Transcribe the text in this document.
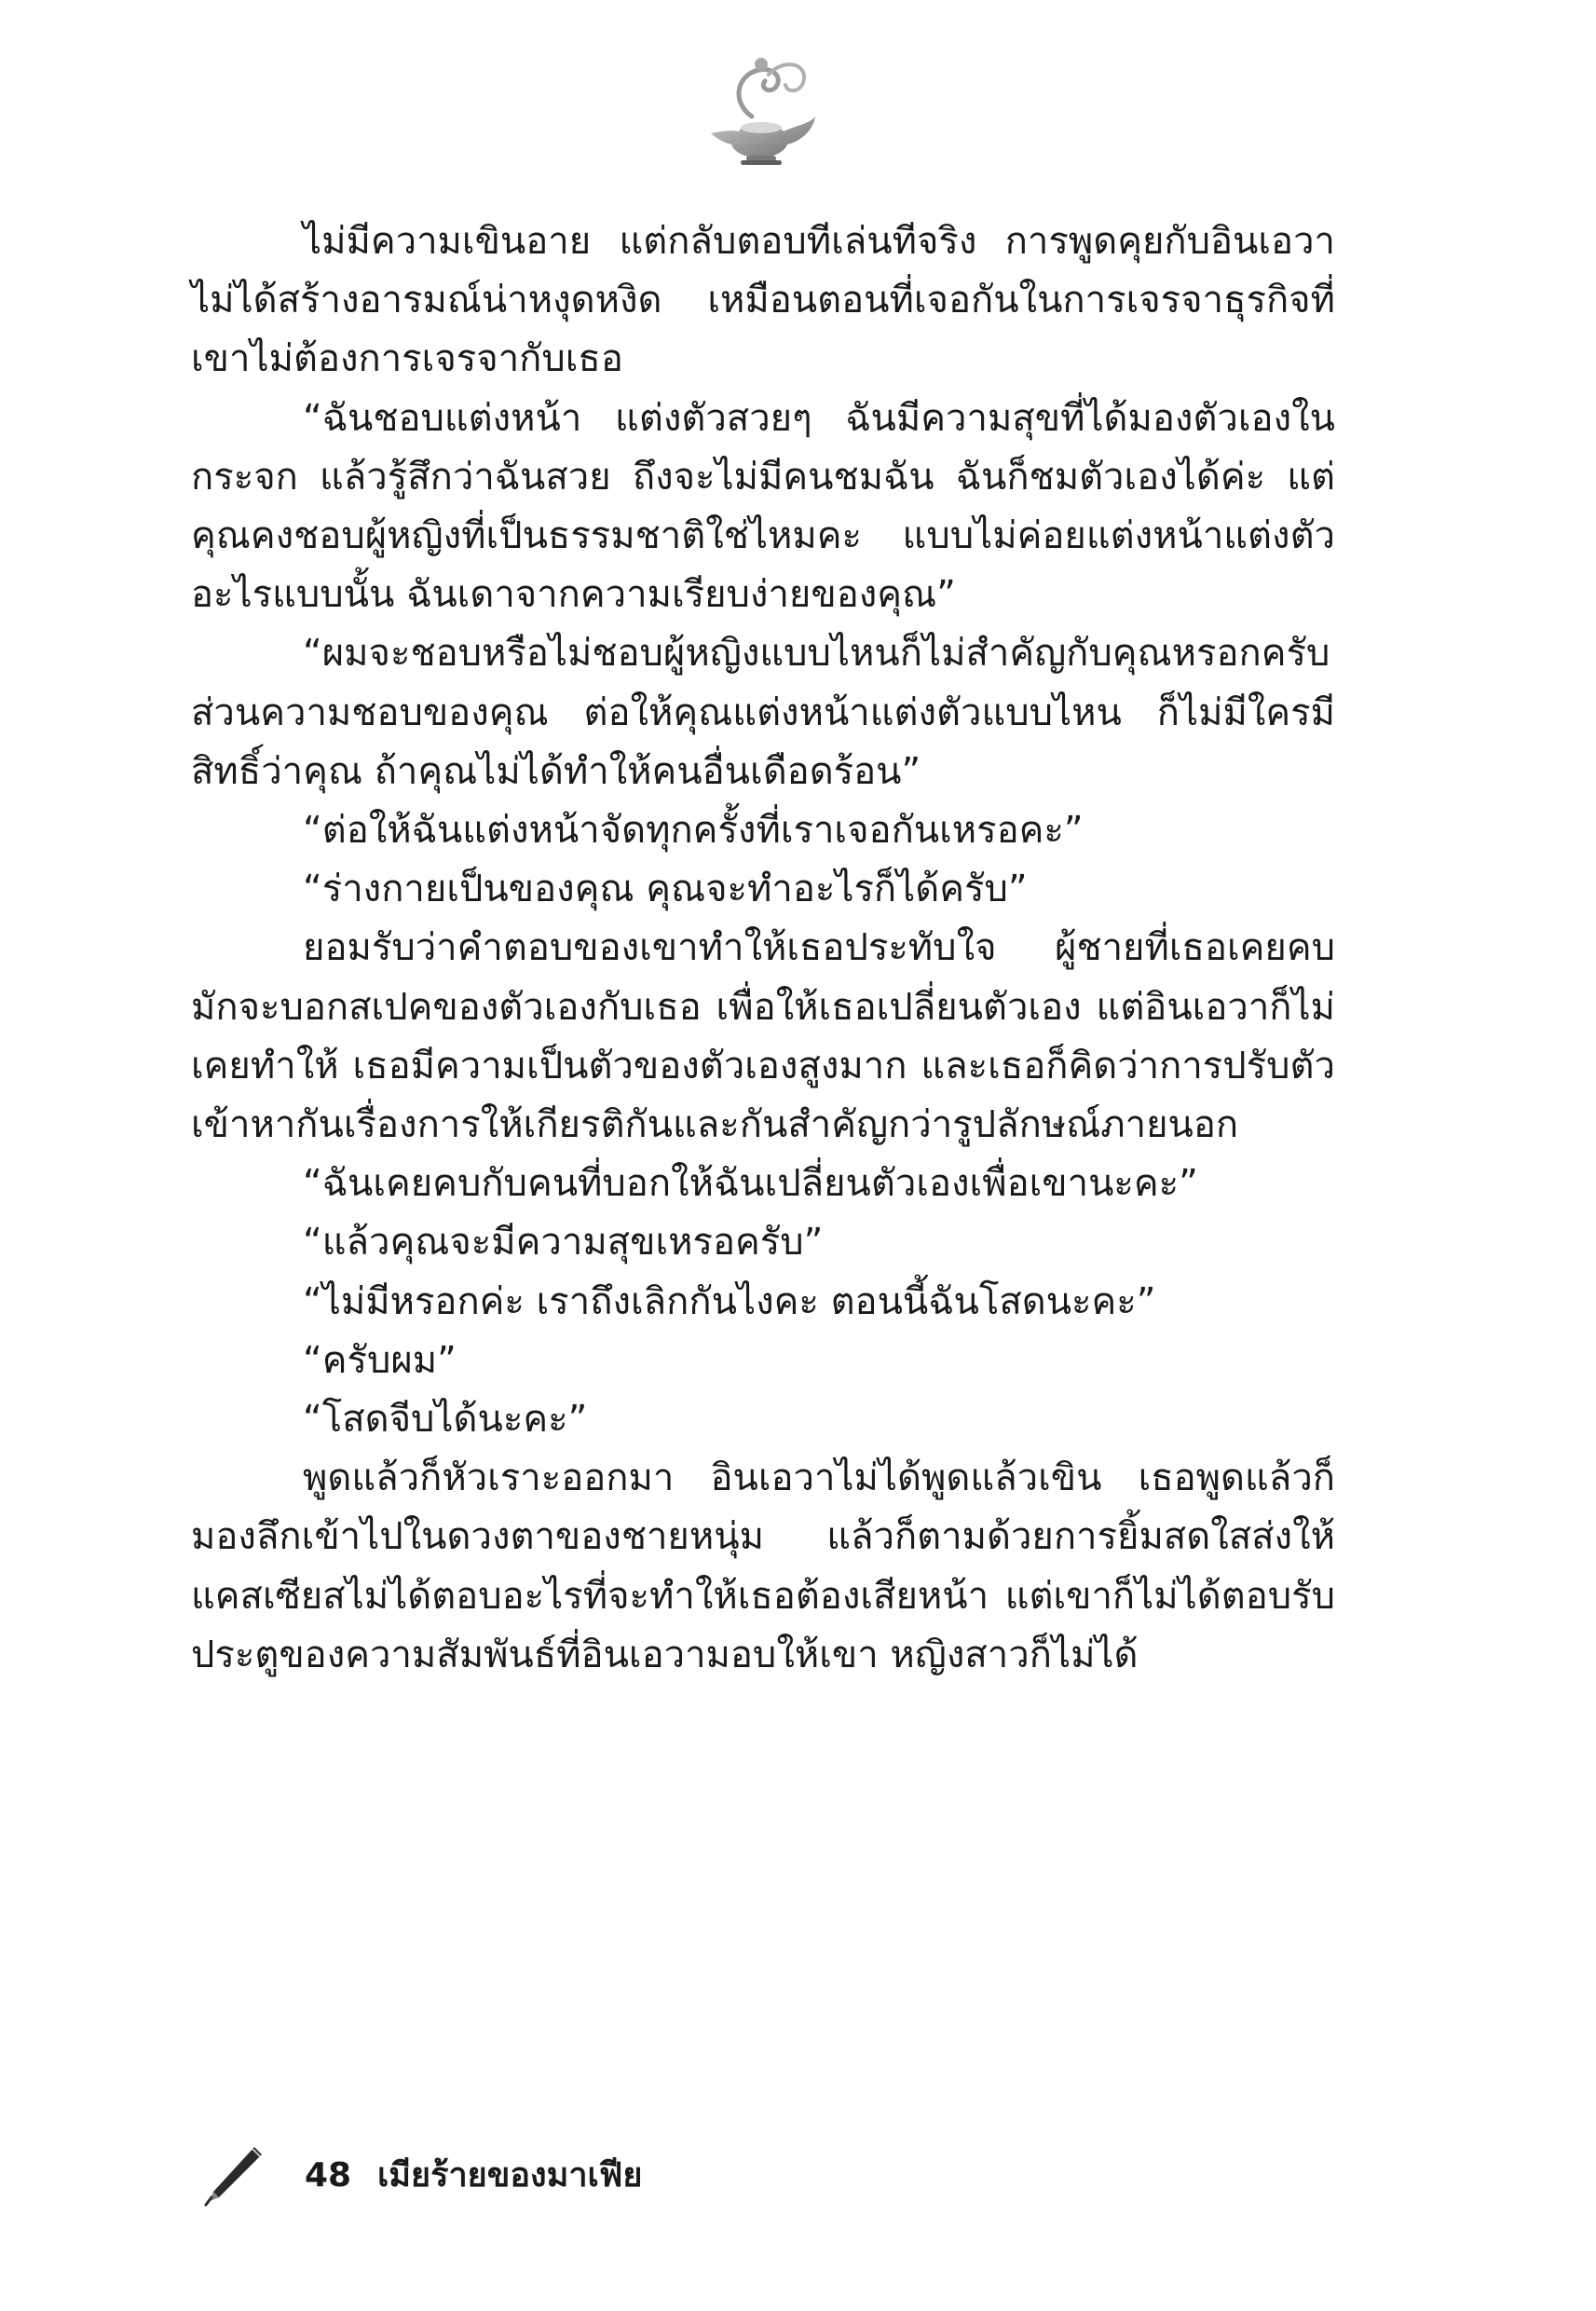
ไม่มีความเขินอาย แต่กลับตอบทีเล่นทีจริง การพูดคุยกับอินเอวาไม่ได้สร้างอารมณ์น่าหงุดหงิด เหมือนตอนที่เจอกันในการเจรจาธุรกิจที่เขาไม่ต้องการเจรจากับเธอ

“ฉันชอบแต่งหน้า แต่งตัวสวยๆ ฉันมีความสุขที่ได้มองตัวเองในกระจก แล้วรู้สึกว่าฉันสวย ถึงจะไม่มีคนชมฉัน ฉันก็ชมตัวเองได้ค่ะ แต่คุณคงชอบผู้หญิงที่เป็นธรรมชาติใช่ไหมคะ แบบไม่ค่อยแต่งหน้าแต่งตัวอะไรแบบนั้น ฉันเดาจากความเรียบง่ายของคุณ”

“ผมจะชอบหรือไม่ชอบผู้หญิงแบบไหนก็ไม่สำคัญกับคุณหรอกครับ ส่วนความชอบของคุณ ต่อให้คุณแต่งหน้าแต่งตัวแบบไหน ก็ไม่มีใครมีสิทธิ์ว่าคุณ ถ้าคุณไม่ได้ทำให้คนอื่นเดือดร้อน”

“ต่อให้ฉันแต่งหน้าจัดทุกครั้งที่เราเจอกันเหรอคะ”

“ร่างกายเป็นของคุณ คุณจะทำอะไรก็ได้ครับ”

ยอมรับว่าคำตอบของเขาทำให้เธอประทับใจ ผู้ชายที่เธอเคยคบมักจะบอกสเปคของตัวเองกับเธอ เพื่อให้เธอเปลี่ยนตัวเอง แต่อินเอวาก็ไม่เคยทำให้ เธอมีความเป็นตัวของตัวเองสูงมาก และเธอก็คิดว่าการปรับตัวเข้าหากันเรื่องการให้เกียรติกันและกันสำคัญกว่ารูปลักษณ์ภายนอก

“ฉันเคยคบกับคนที่บอกให้ฉันเปลี่ยนตัวเองเพื่อเขานะคะ”

“แล้วคุณจะมีความสุขเหรอครับ”

“ไม่มีหรอกค่ะ เราถึงเลิกกันไงคะ ตอนนี้ฉันโสดนะคะ”

“ครับผม”

“โสดจีบได้นะคะ”

พูดแล้วก็หัวเราะออกมา อินเอวาไม่ได้พูดแล้วเขิน เธอพูดแล้วก็มองลึกเข้าไปในดวงตาของชายหนุ่ม แล้วก็ตามด้วยการยิ้มสดใสส่งให้ แคสเซียสไม่ได้ตอบอะไรที่จะทำให้เธอต้องเสียหน้า แต่เขาก็ไม่ได้ตอบรับประตูของความสัมพันธ์ที่อินเอวามอบให้เขา หญิงสาวก็ไม่ได้

48 เมียร้ายของมาเฟีย
